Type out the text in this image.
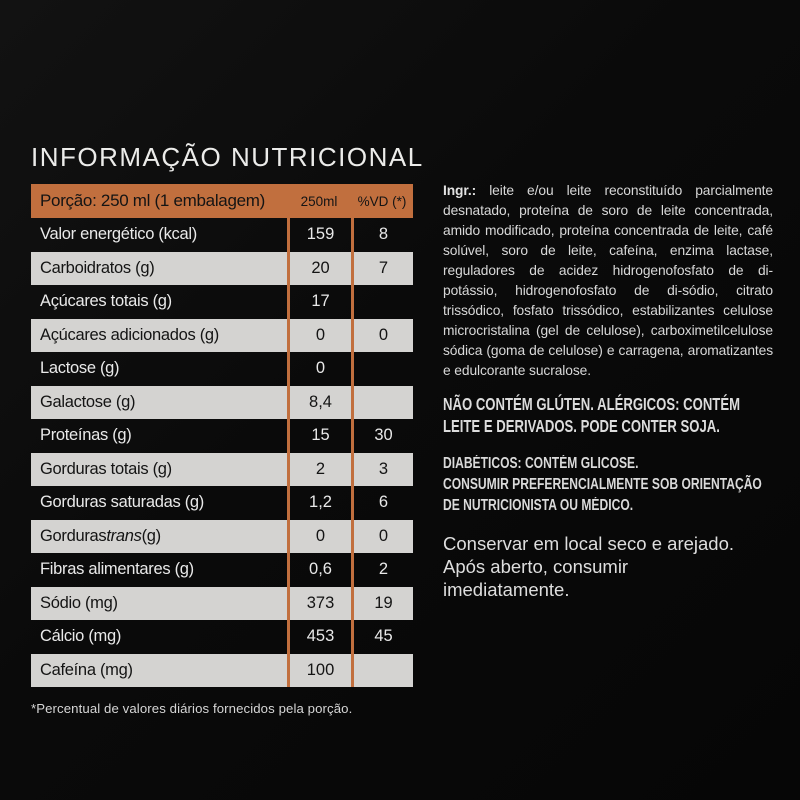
INFORMAÇÃO NUTRICIONAL
Porção: 250 ml (1 embalagem)	250ml	%VD (*)
Valor energético (kcal)	159	8
Carboidratos (g)	20	7
Açúcares totais (g)	17
Açúcares adicionados (g)	0	0
Lactose (g)	0
Galactose (g)	8,4
Proteínas (g)	15	30
Gorduras totais (g)	2	3
Gorduras saturadas (g)	1,2	6
Gorduras trans (g)	0	0
Fibras alimentares (g)	0,6	2
Sódio (mg)	373	19
Cálcio (mg)	453	45
Cafeína (mg)	100
*Percentual de valores diários fornecidos pela porção.

Ingr.: leite e/ou leite reconstituído parcialmente desnatado, proteína de soro de leite concentrada, amido modificado, proteína concentrada de leite, café solúvel, soro de leite, cafeína, enzima lactase, reguladores de acidez hidrogenofosfato de di-potássio, hidrogenofosfato de di-sódio, citrato trissódico, fosfato trissódico, estabilizantes celulose microcristalina (gel de celulose), carboximetilcelulose sódica (goma de celulose) e carragena, aromatizantes e edulcorante sucralose.

NÃO CONTÉM GLÚTEN. ALÉRGICOS: CONTÉM
LEITE E DERIVADOS. PODE CONTER SOJA.
DIABÉTICOS: CONTÉM GLICOSE.
CONSUMIR PREFERENCIALMENTE SOB ORIENTAÇÃO
DE NUTRICIONISTA OU MÉDICO.
Conservar em local seco e arejado.
Após aberto, consumir
imediatamente.
